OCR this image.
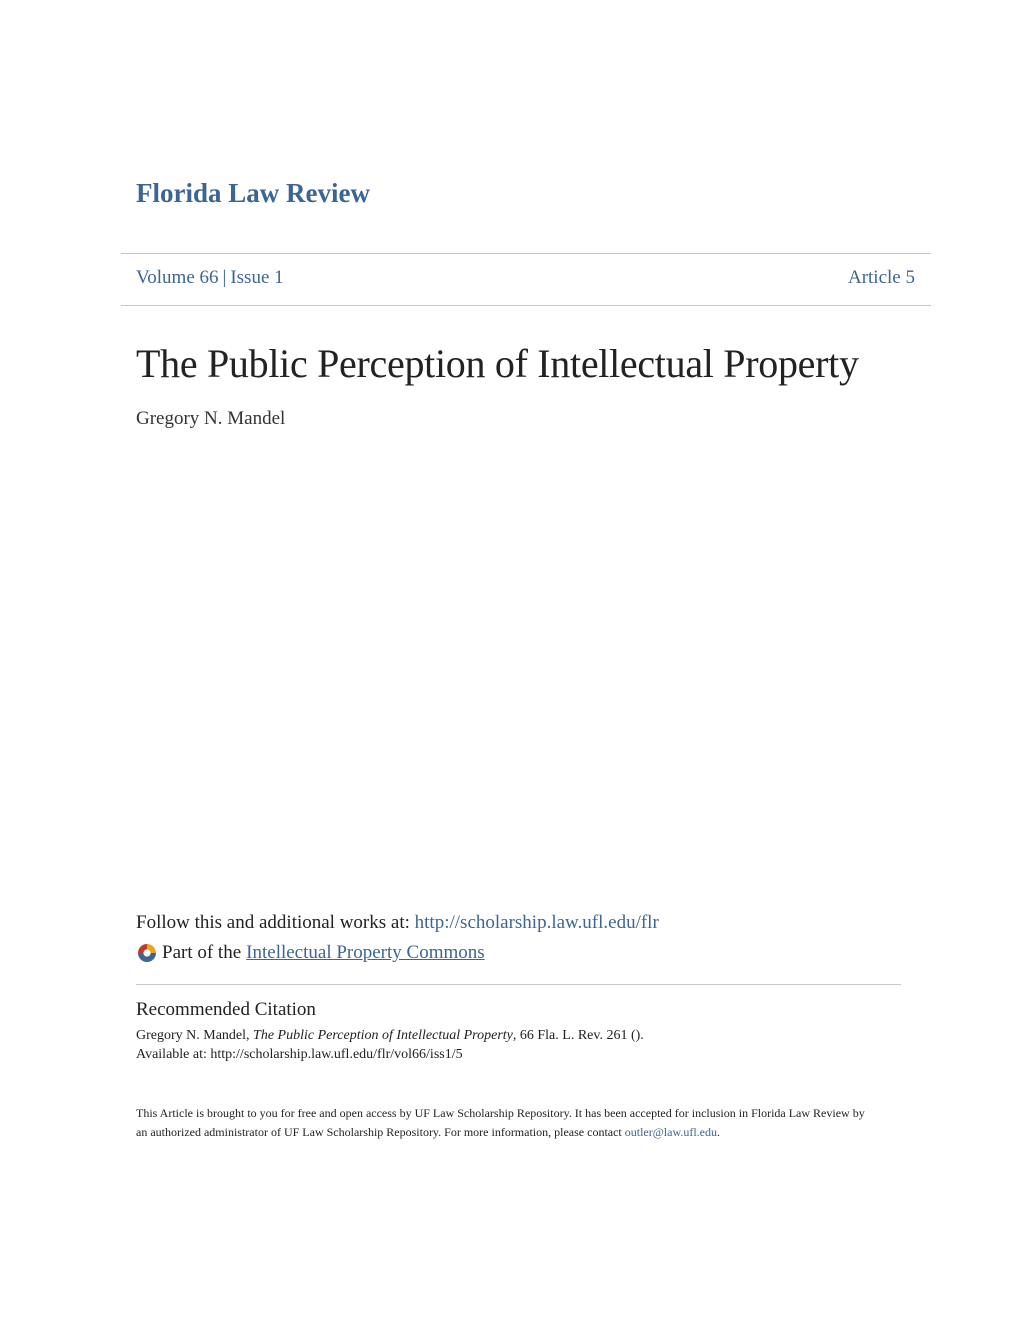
Florida Law Review
Volume 66 | Issue 1	Article 5
The Public Perception of Intellectual Property
Gregory N. Mandel
Follow this and additional works at: http://scholarship.law.ufl.edu/flr
Part of the Intellectual Property Commons
Recommended Citation
Gregory N. Mandel, The Public Perception of Intellectual Property, 66 Fla. L. Rev. 261 ().
Available at: http://scholarship.law.ufl.edu/flr/vol66/iss1/5
This Article is brought to you for free and open access by UF Law Scholarship Repository. It has been accepted for inclusion in Florida Law Review by
an authorized administrator of UF Law Scholarship Repository. For more information, please contact outler@law.ufl.edu.
